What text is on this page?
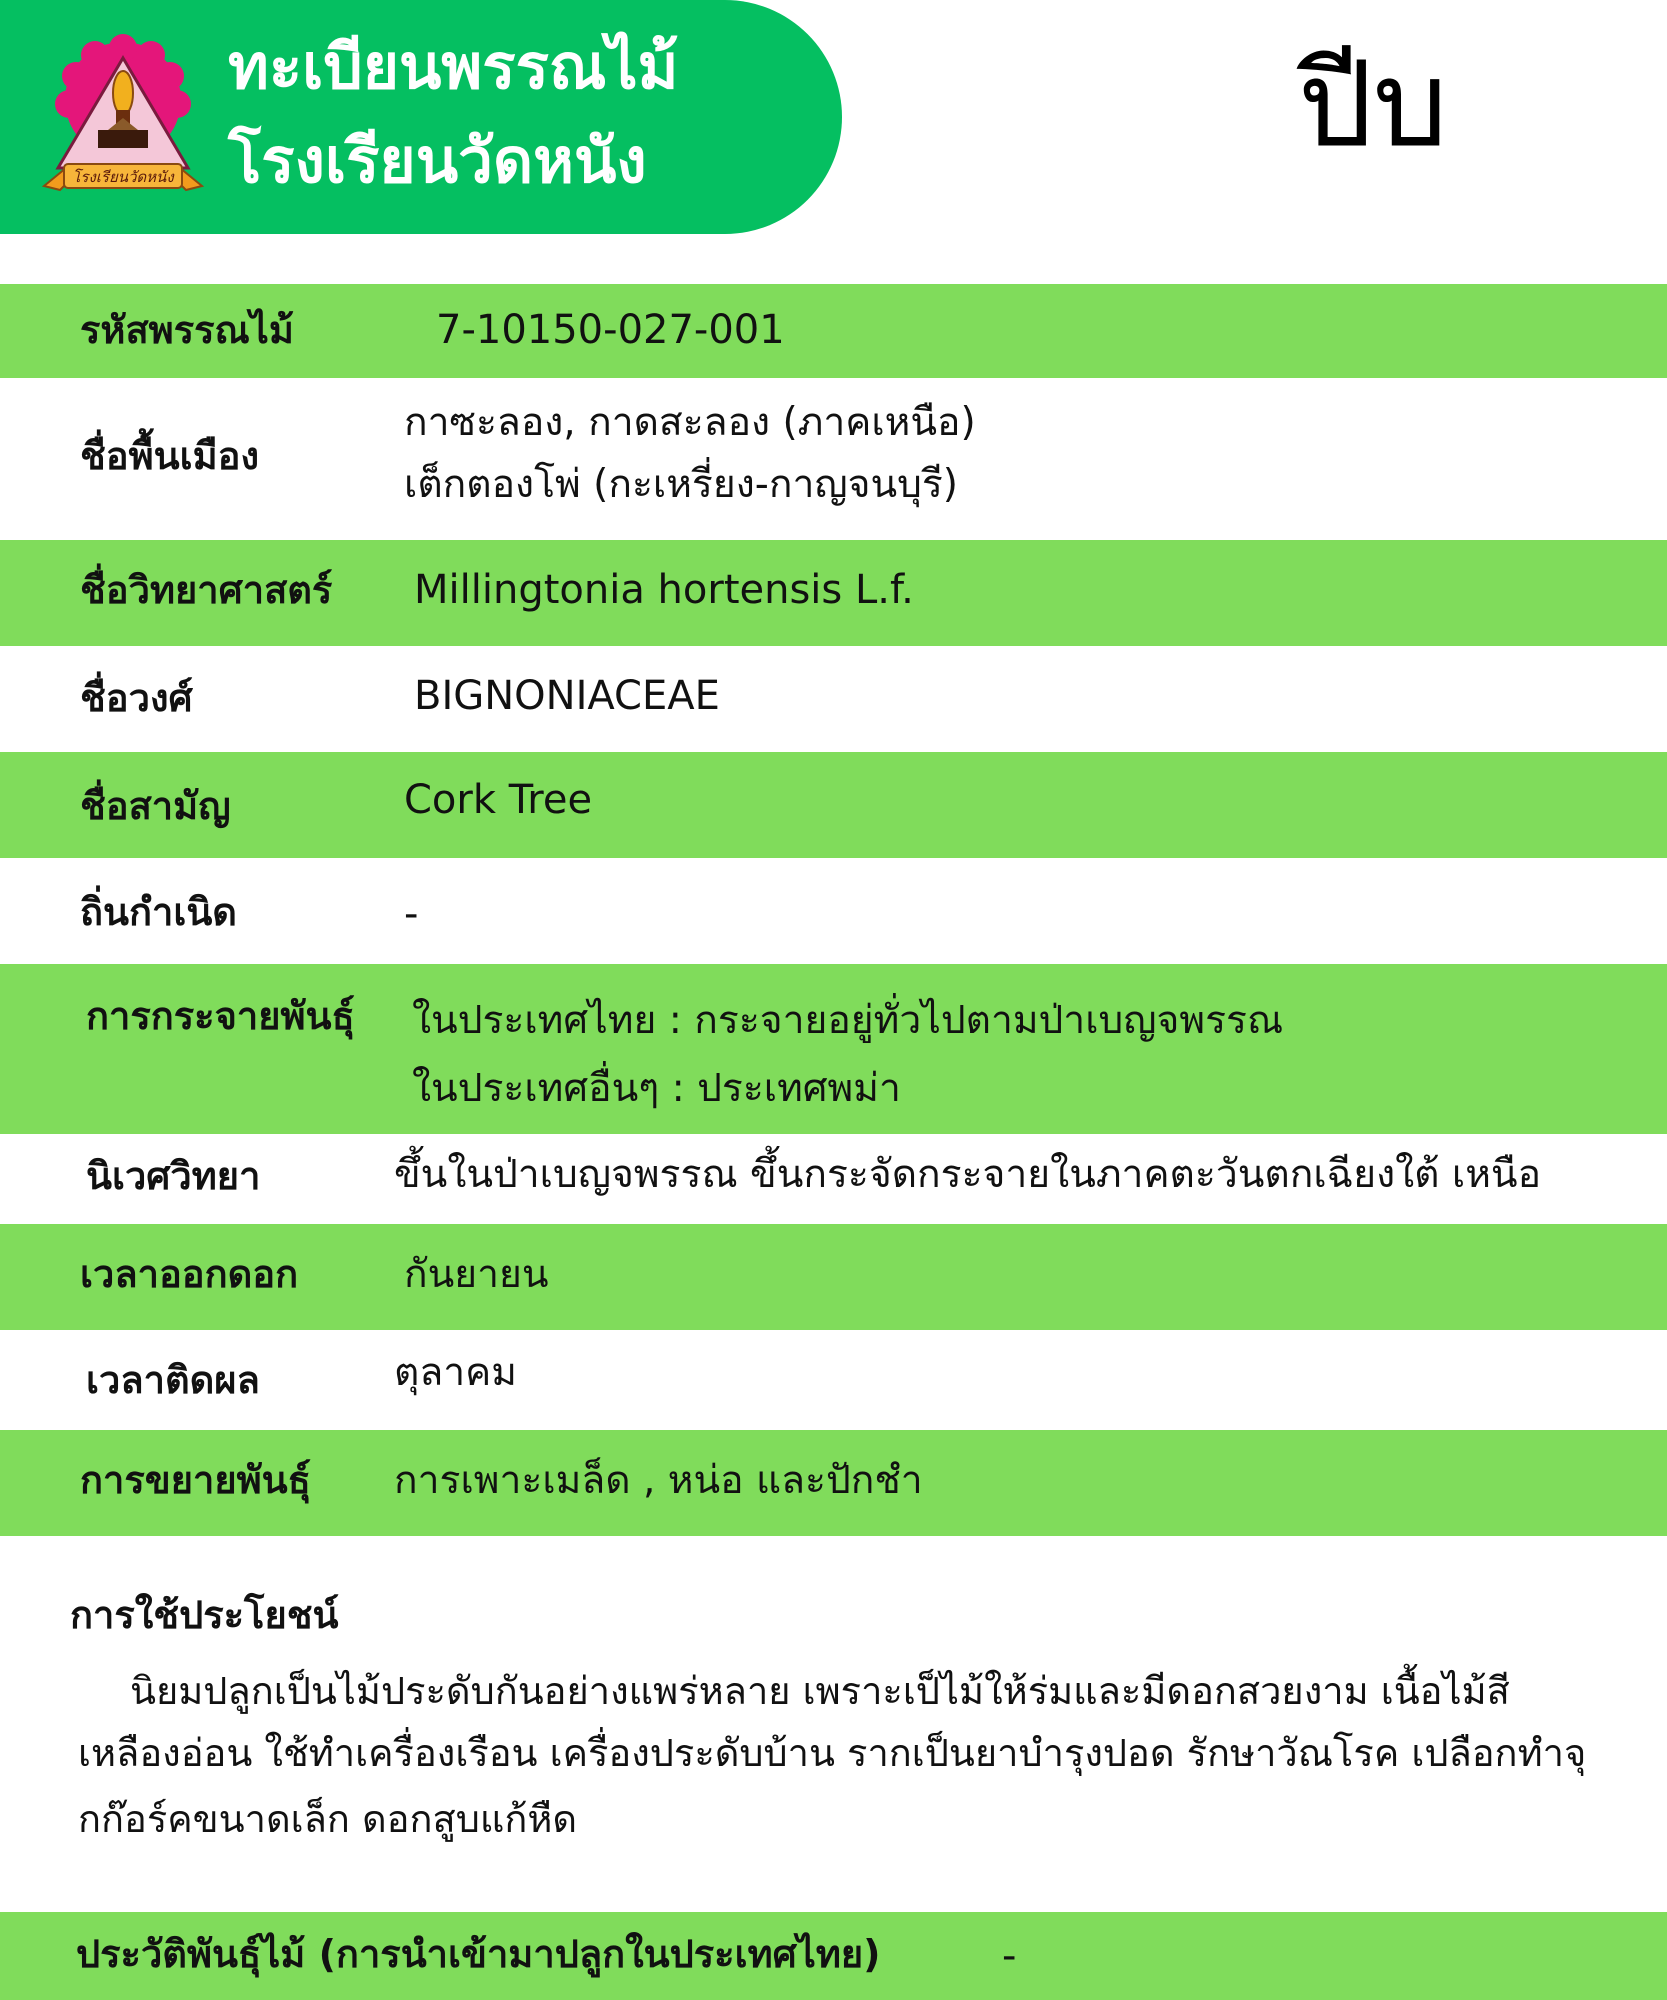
โรงเรียนวัดหนัง
ทะเบียนพรรณไม้
โรงเรียนวัดหนัง	ปีบ
รหัสพรรณไม้	7-10150-027-001
ชื่อพื้นเมือง
กาซะลอง, กาดสะลอง (ภาคเหนือ)
เต็กตองโพ่ (กะเหรี่ยง-กาญจนบุรี)
ชื่อวิทยาศาสตร์ Millingtonia hortensis L.f.
ชื่อวงศ์	BIGNONIACEAE
ชื่อสามัญ	Cork Tree
ถิ่นกำเนิด	-
การกระจายพันธุ์ ในประเทศไทย : กระจายอยู่ทั่วไปตามป่าเบญจพรรณ
ในประเทศอื่นๆ : ประเทศพม่า
นิเวศวิทยา	ขึ้นในป่าเบญจพรรณ ขึ้นกระจัดกระจายในภาคตะวันตกเฉียงใต้ เหนือ
เวลาออกดอก	กันยายน
เวลาติดผล	ตุลาคม
การขยายพันธุ์ การเพาะเมล็ด , หน่อ และปักชำ
การใช้ประโยชน์
นิยมปลูกเป็นไม้ประดับกันอย่างแพร่หลาย เพราะเป็ไม้ให้ร่มและมีดอกสวยงาม เนื้อไม้สี
เหลืองอ่อน ใช้ทำเครื่องเรือน เครื่องประดับบ้าน รากเป็นยาบำรุงปอด รักษาวัณโรค เปลือกทำจุ
กก๊อร์คขนาดเล็ก ดอกสูบแก้หืด
ประวัติพันธุ์ไม้ (การนำเข้ามาปลูกในประเทศไทย)	-
